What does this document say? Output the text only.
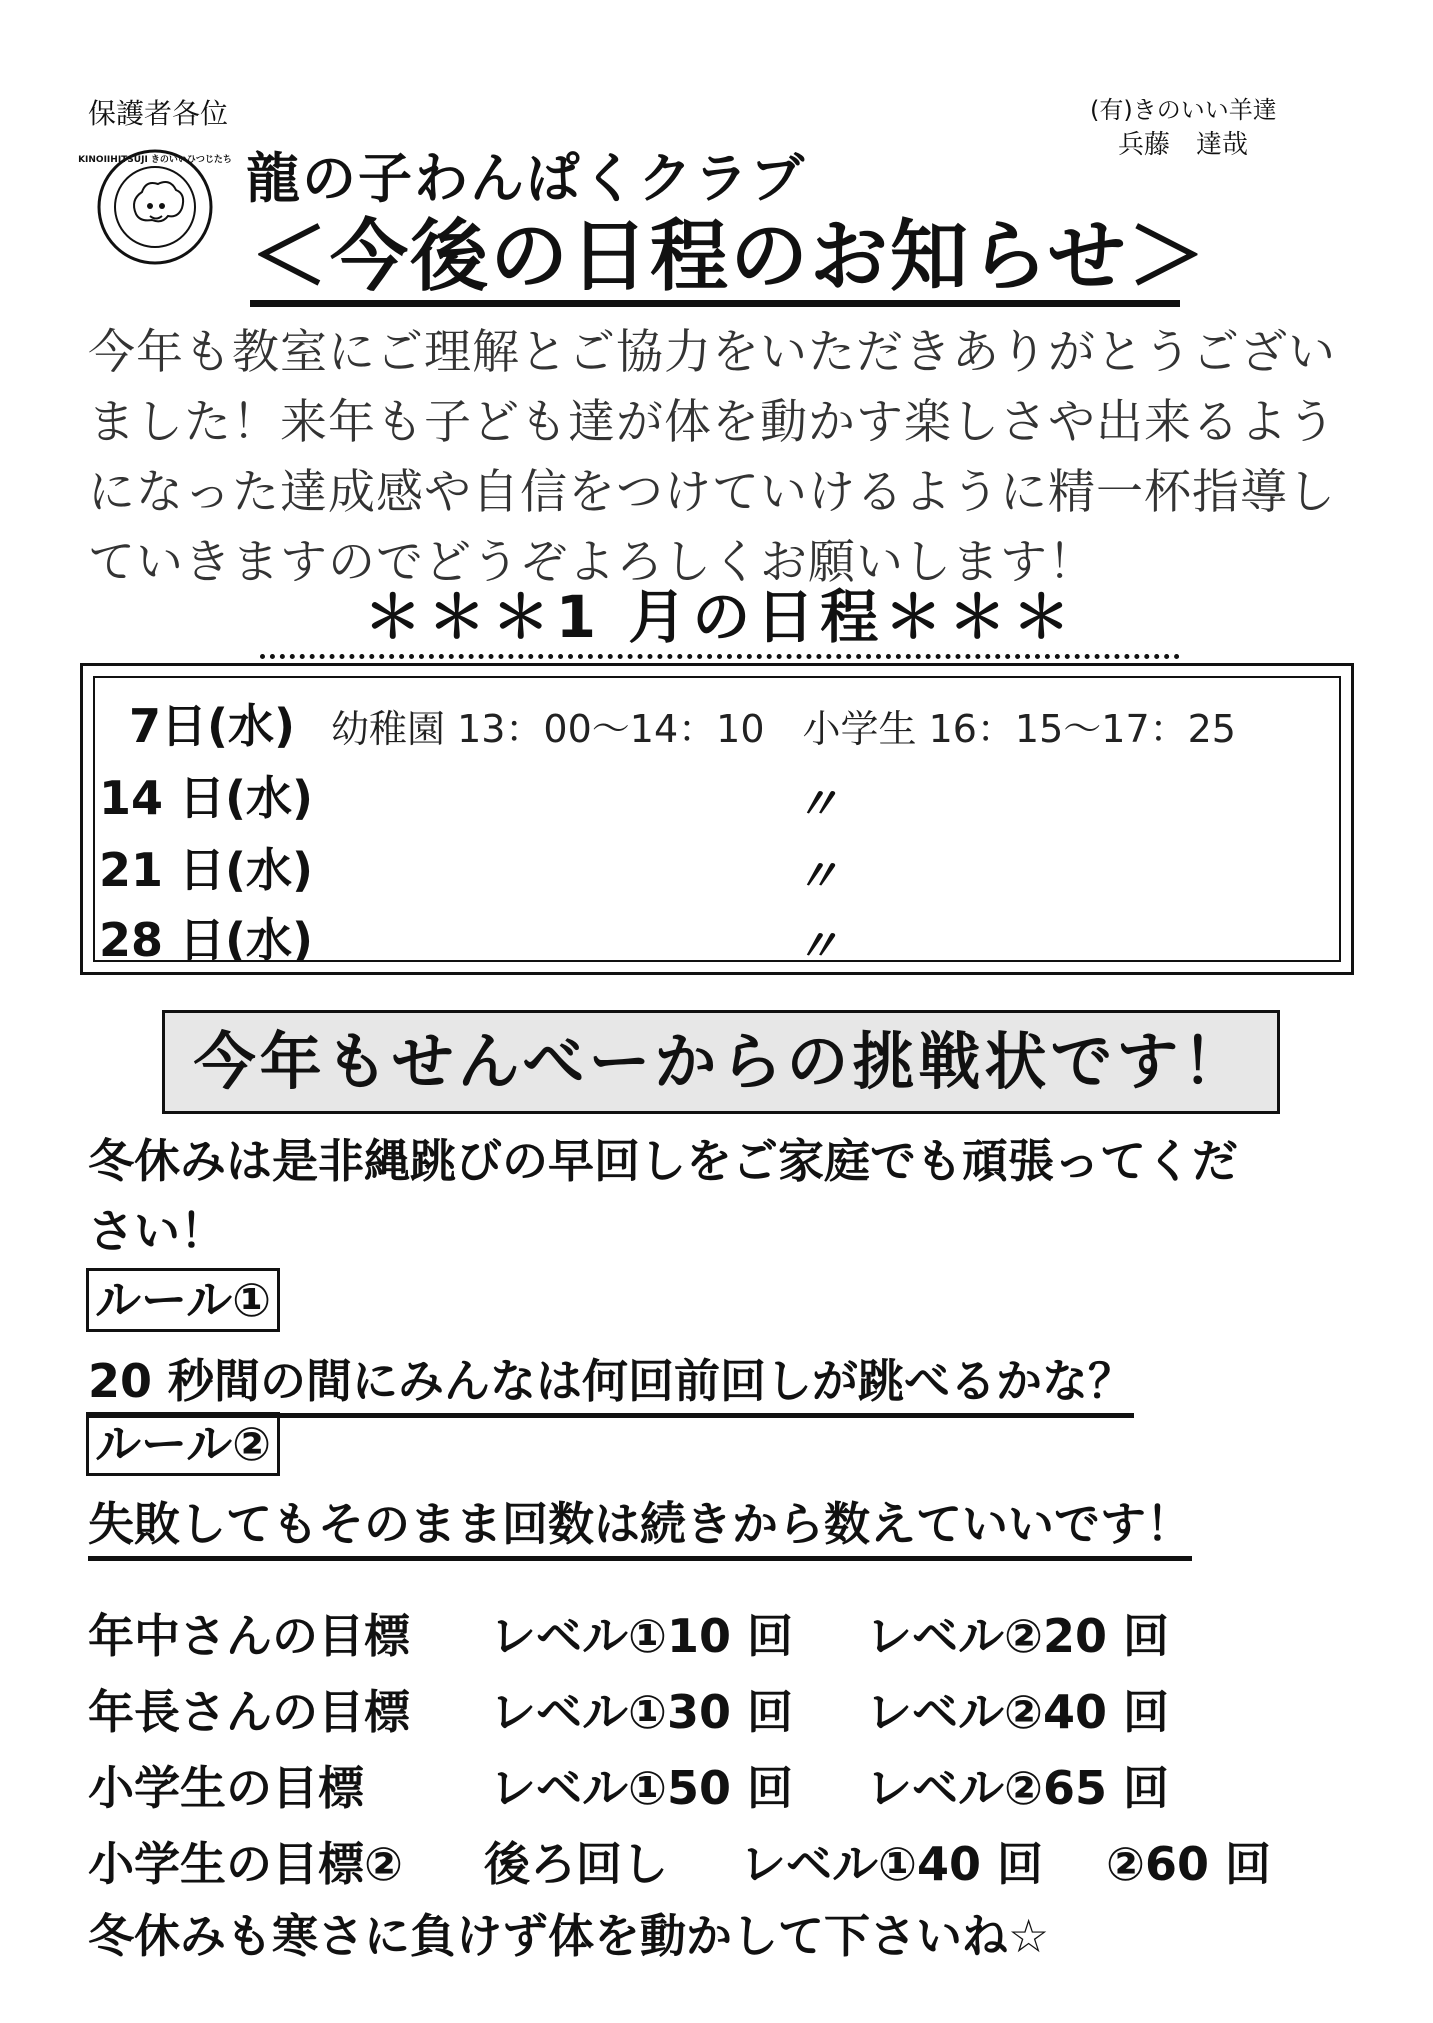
保護者各位	(有)きのいい羊達
兵藤　達哉
KINOIIHITSUJI きのいいひつじたち 龍の子わんぱくクラブ
＜今後の日程のお知らせ＞
今年も教室にご理解とご協力をいただきありがとうございました！来年も子ども達が体を動かす楽しさや出来るようになった達成感や自信をつけていけるように精一杯指導していきますのでどうぞよろしくお願いします！
＊＊＊1 月の日程＊＊＊
7日(水) 幼稚園 13：00〜14：10　小学生 16：15〜17：25
14 日(水)	〃
21 日(水)	〃
28 日(水)	〃
今年もせんべーからの挑戦状です！
冬休みは是非縄跳びの早回しをご家庭でも頑張ってくだ
さい！
ルール①
20 秒間の間にみんなは何回前回しが跳べるかな？
ルール②
失敗してもそのまま回数は続きから数えていいです！
年中さんの目標 レベル①10 回 レベル②20 回
年長さんの目標 レベル①30 回 レベル②40 回
小学生の目標	レベル①50 回 レベル②65 回
小学生の目標② 後ろ回し レベル①40 回 ②60 回
冬休みも寒さに負けず体を動かして下さいね☆
